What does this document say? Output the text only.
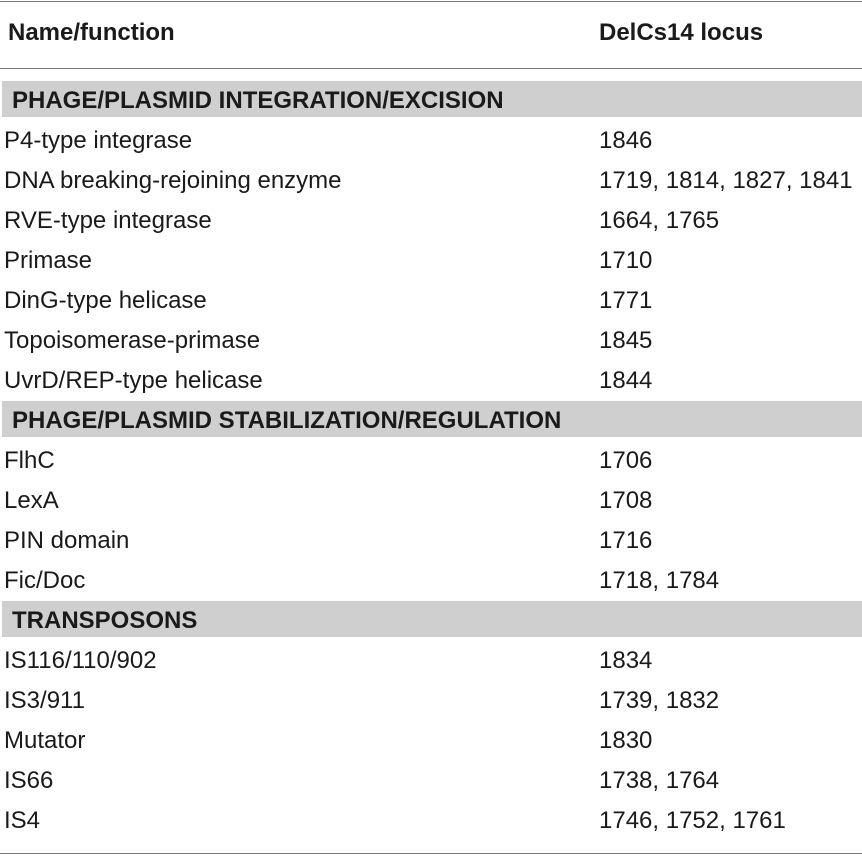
Name/function	DelCs14 locus
PHAGE/PLASMID INTEGRATION/EXCISION
P4-type integrase	1846
DNA breaking-rejoining enzyme	1719, 1814, 1827, 1841
RVE-type integrase	1664, 1765
Primase	1710
DinG-type helicase	1771
Topoisomerase-primase	1845
UvrD/REP-type helicase	1844
PHAGE/PLASMID STABILIZATION/REGULATION
FlhC	1706
LexA	1708
PIN domain	1716
Fic/Doc	1718, 1784
TRANSPOSONS
IS116/110/902	1834
IS3/911	1739, 1832
Mutator	1830
IS66	1738, 1764
IS4	1746, 1752, 1761
